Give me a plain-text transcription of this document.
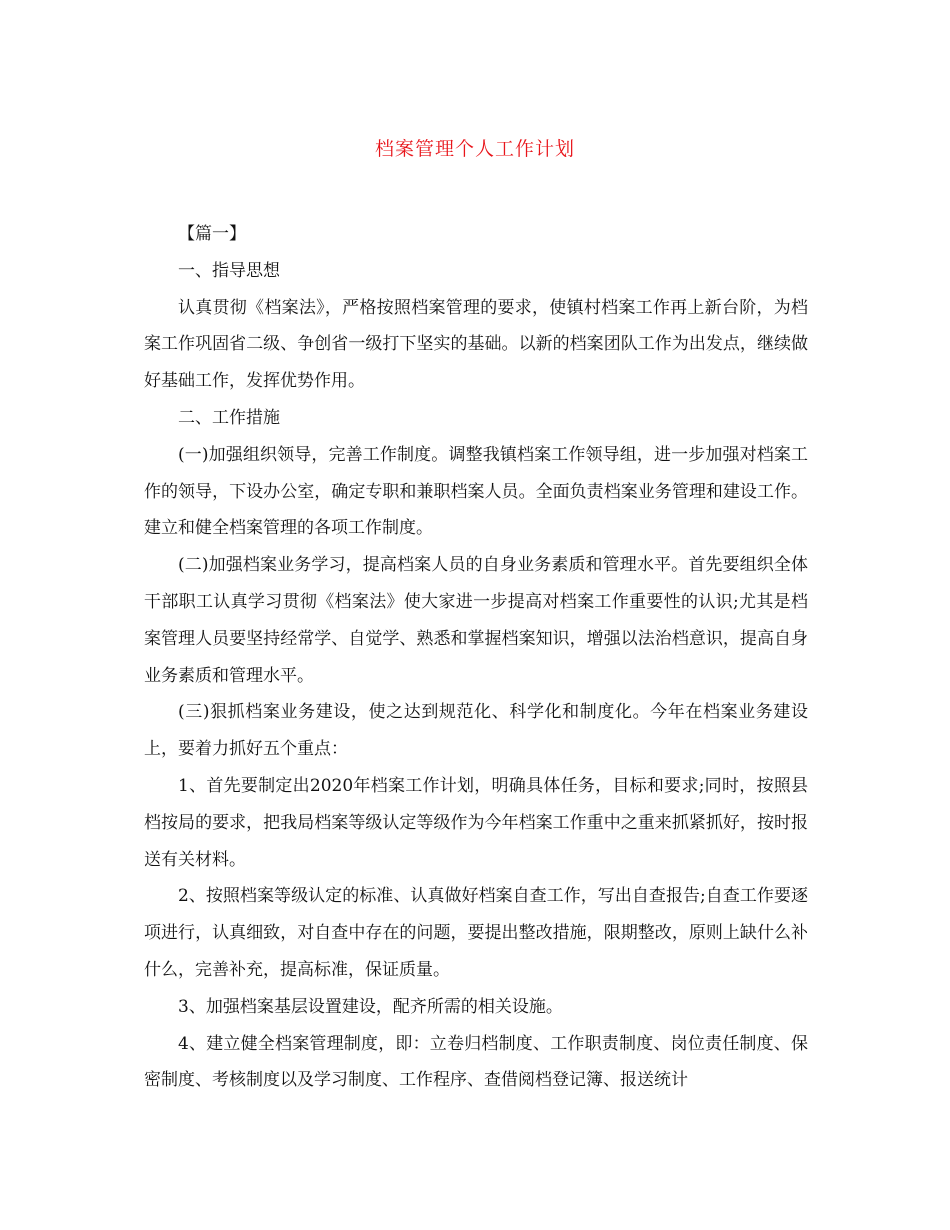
档案管理个人工作计划

【篇一】

一、指导思想

认真贯彻《档案法》，严格按照档案管理的要求，使镇村档案工作再上新台阶，为档案工作巩固省二级、争创省一级打下坚实的基础。以新的档案团队工作为出发点，继续做好基础工作，发挥优势作用。

二、工作措施

(一)加强组织领导，完善工作制度。调整我镇档案工作领导组，进一步加强对档案工作的领导，下设办公室，确定专职和兼职档案人员。全面负责档案业务管理和建设工作。建立和健全档案管理的各项工作制度。

(二)加强档案业务学习，提高档案人员的自身业务素质和管理水平。首先要组织全体干部职工认真学习贯彻《档案法》使大家进一步提高对档案工作重要性的认识;尤其是档案管理人员要坚持经常学、自觉学、熟悉和掌握档案知识，增强以法治档意识，提高自身业务素质和管理水平。

(三)狠抓档案业务建设，使之达到规范化、科学化和制度化。今年在档案业务建设上，要着力抓好五个重点：

1、首先要制定出2020年档案工作计划，明确具体任务，目标和要求;同时，按照县档按局的要求，把我局档案等级认定等级作为今年档案工作重中之重来抓紧抓好，按时报送有关材料。

2、按照档案等级认定的标准、认真做好档案自查工作，写出自查报告;自查工作要逐项进行，认真细致，对自查中存在的问题，要提出整改措施，限期整改，原则上缺什么补什么，完善补充，提高标准，保证质量。

3、加强档案基层设置建设，配齐所需的相关设施。

4、建立健全档案管理制度，即：立卷归档制度、工作职责制度、岗位责任制度、保密制度、考核制度以及学习制度、工作程序、查借阅档登记簿、报送统计
